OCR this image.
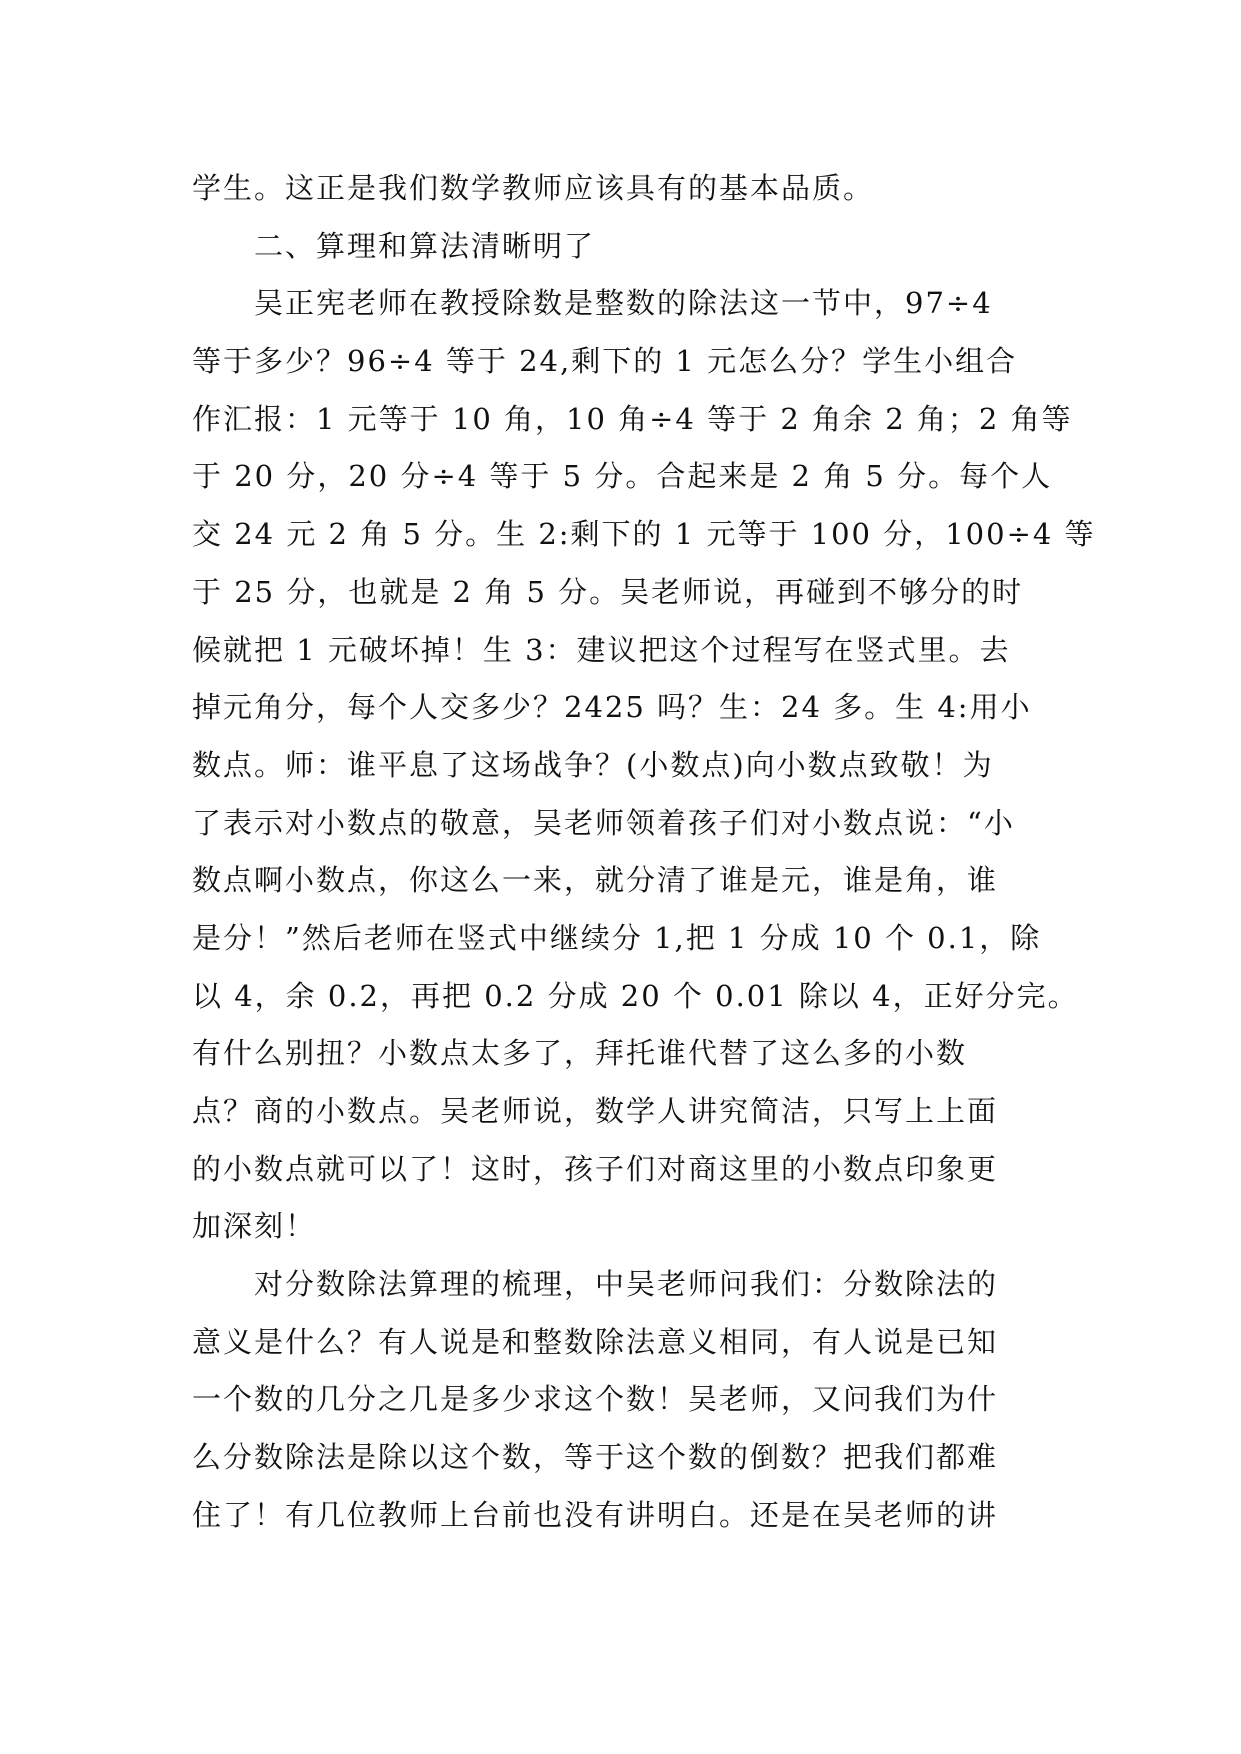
学生。这正是我们数学教师应该具有的基本品质。
二、算理和算法清晰明了
吴正宪老师在教授除数是整数的除法这一节中，97÷4
等于多少？96÷4 等于 24,剩下的 1 元怎么分？学生小组合
作汇报：1 元等于 10 角，10 角÷4 等于 2 角余 2 角；2 角等
于 20 分，20 分÷4 等于 5 分。合起来是 2 角 5 分。每个人
交 24 元 2 角 5 分。生 2:剩下的 1 元等于 100 分，100÷4 等
于 25 分，也就是 2 角 5 分。吴老师说，再碰到不够分的时
候就把 1 元破坏掉！生 3：建议把这个过程写在竖式里。去
掉元角分，每个人交多少？2425 吗？生：24 多。生 4:用小
数点。师：谁平息了这场战争？(小数点)向小数点致敬！为
了表示对小数点的敬意，吴老师领着孩子们对小数点说：“小
数点啊小数点，你这么一来，就分清了谁是元，谁是角，谁
是分！”然后老师在竖式中继续分 1,把 1 分成 10 个 0.1，除
以 4，余 0.2，再把 0.2 分成 20 个 0.01 除以 4，正好分完。
有什么别扭？小数点太多了，拜托谁代替了这么多的小数
点？商的小数点。吴老师说，数学人讲究简洁，只写上上面
的小数点就可以了！这时，孩子们对商这里的小数点印象更
加深刻！
对分数除法算理的梳理，中吴老师问我们：分数除法的
意义是什么？有人说是和整数除法意义相同，有人说是已知
一个数的几分之几是多少求这个数！吴老师，又问我们为什
么分数除法是除以这个数，等于这个数的倒数？把我们都难
住了！有几位教师上台前也没有讲明白。还是在吴老师的讲
